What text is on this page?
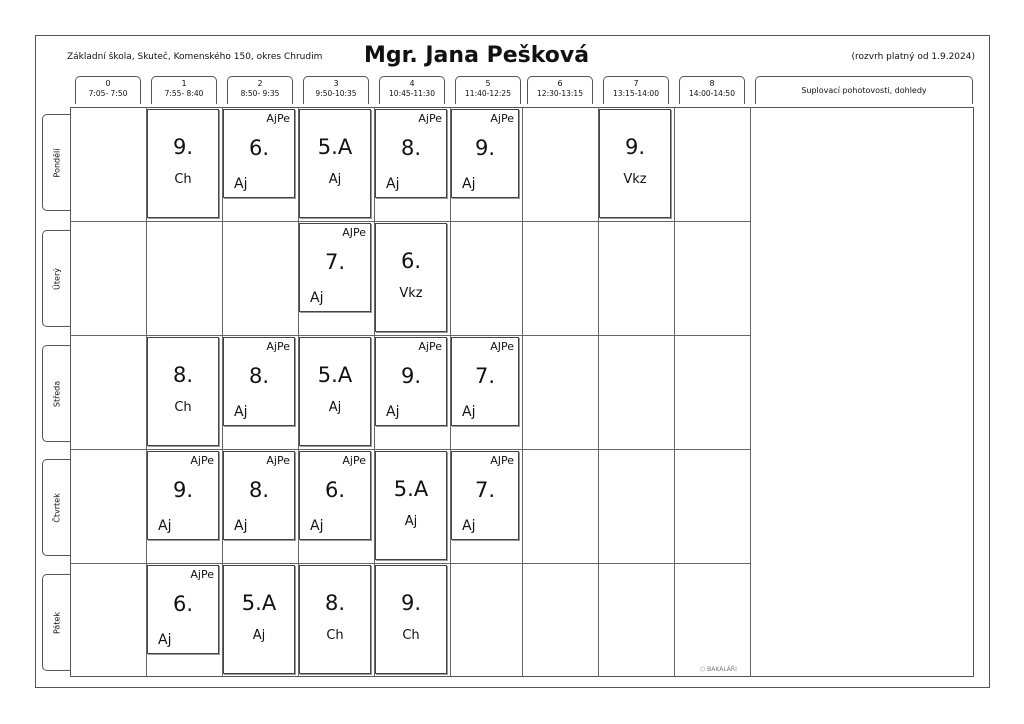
Základní škola, Skuteč, Komenského 150, okres Chrudim Mgr. Jana Pešková	(rozvrh platný od 1.9.2024)
0
7:05- 7:50
1
7:55- 8:40
2
8:50- 9:35
3
9:50-10:35
4
10:45-11:30
5
11:40-12:25
6
12:30-13:15
7
13:15-14:00
8
14:00-14:50	Suplovací pohotovosti, dohledy
Pondělí
Úterý
Středa
Čtvrtek
Pátek
9.
Ch
AjPe
6.
Aj
5.A
Aj
AjPe
8.
Aj
AjPe
9.
Aj
9.
Vkz
AJPe
7.
Aj
6.
Vkz
8.
Ch
AjPe
8.
Aj
5.A
Aj
AjPe
9.
Aj
AJPe
7.
Aj
AjPe
9.
Aj
AjPe
8.
Aj
AjPe
6.
Aj
5.A
Aj
AJPe
7.
Aj
AjPe
6.
Aj
5.A
Aj
8.
Ch
9.
Ch
⬡ BAKALÁŘI
